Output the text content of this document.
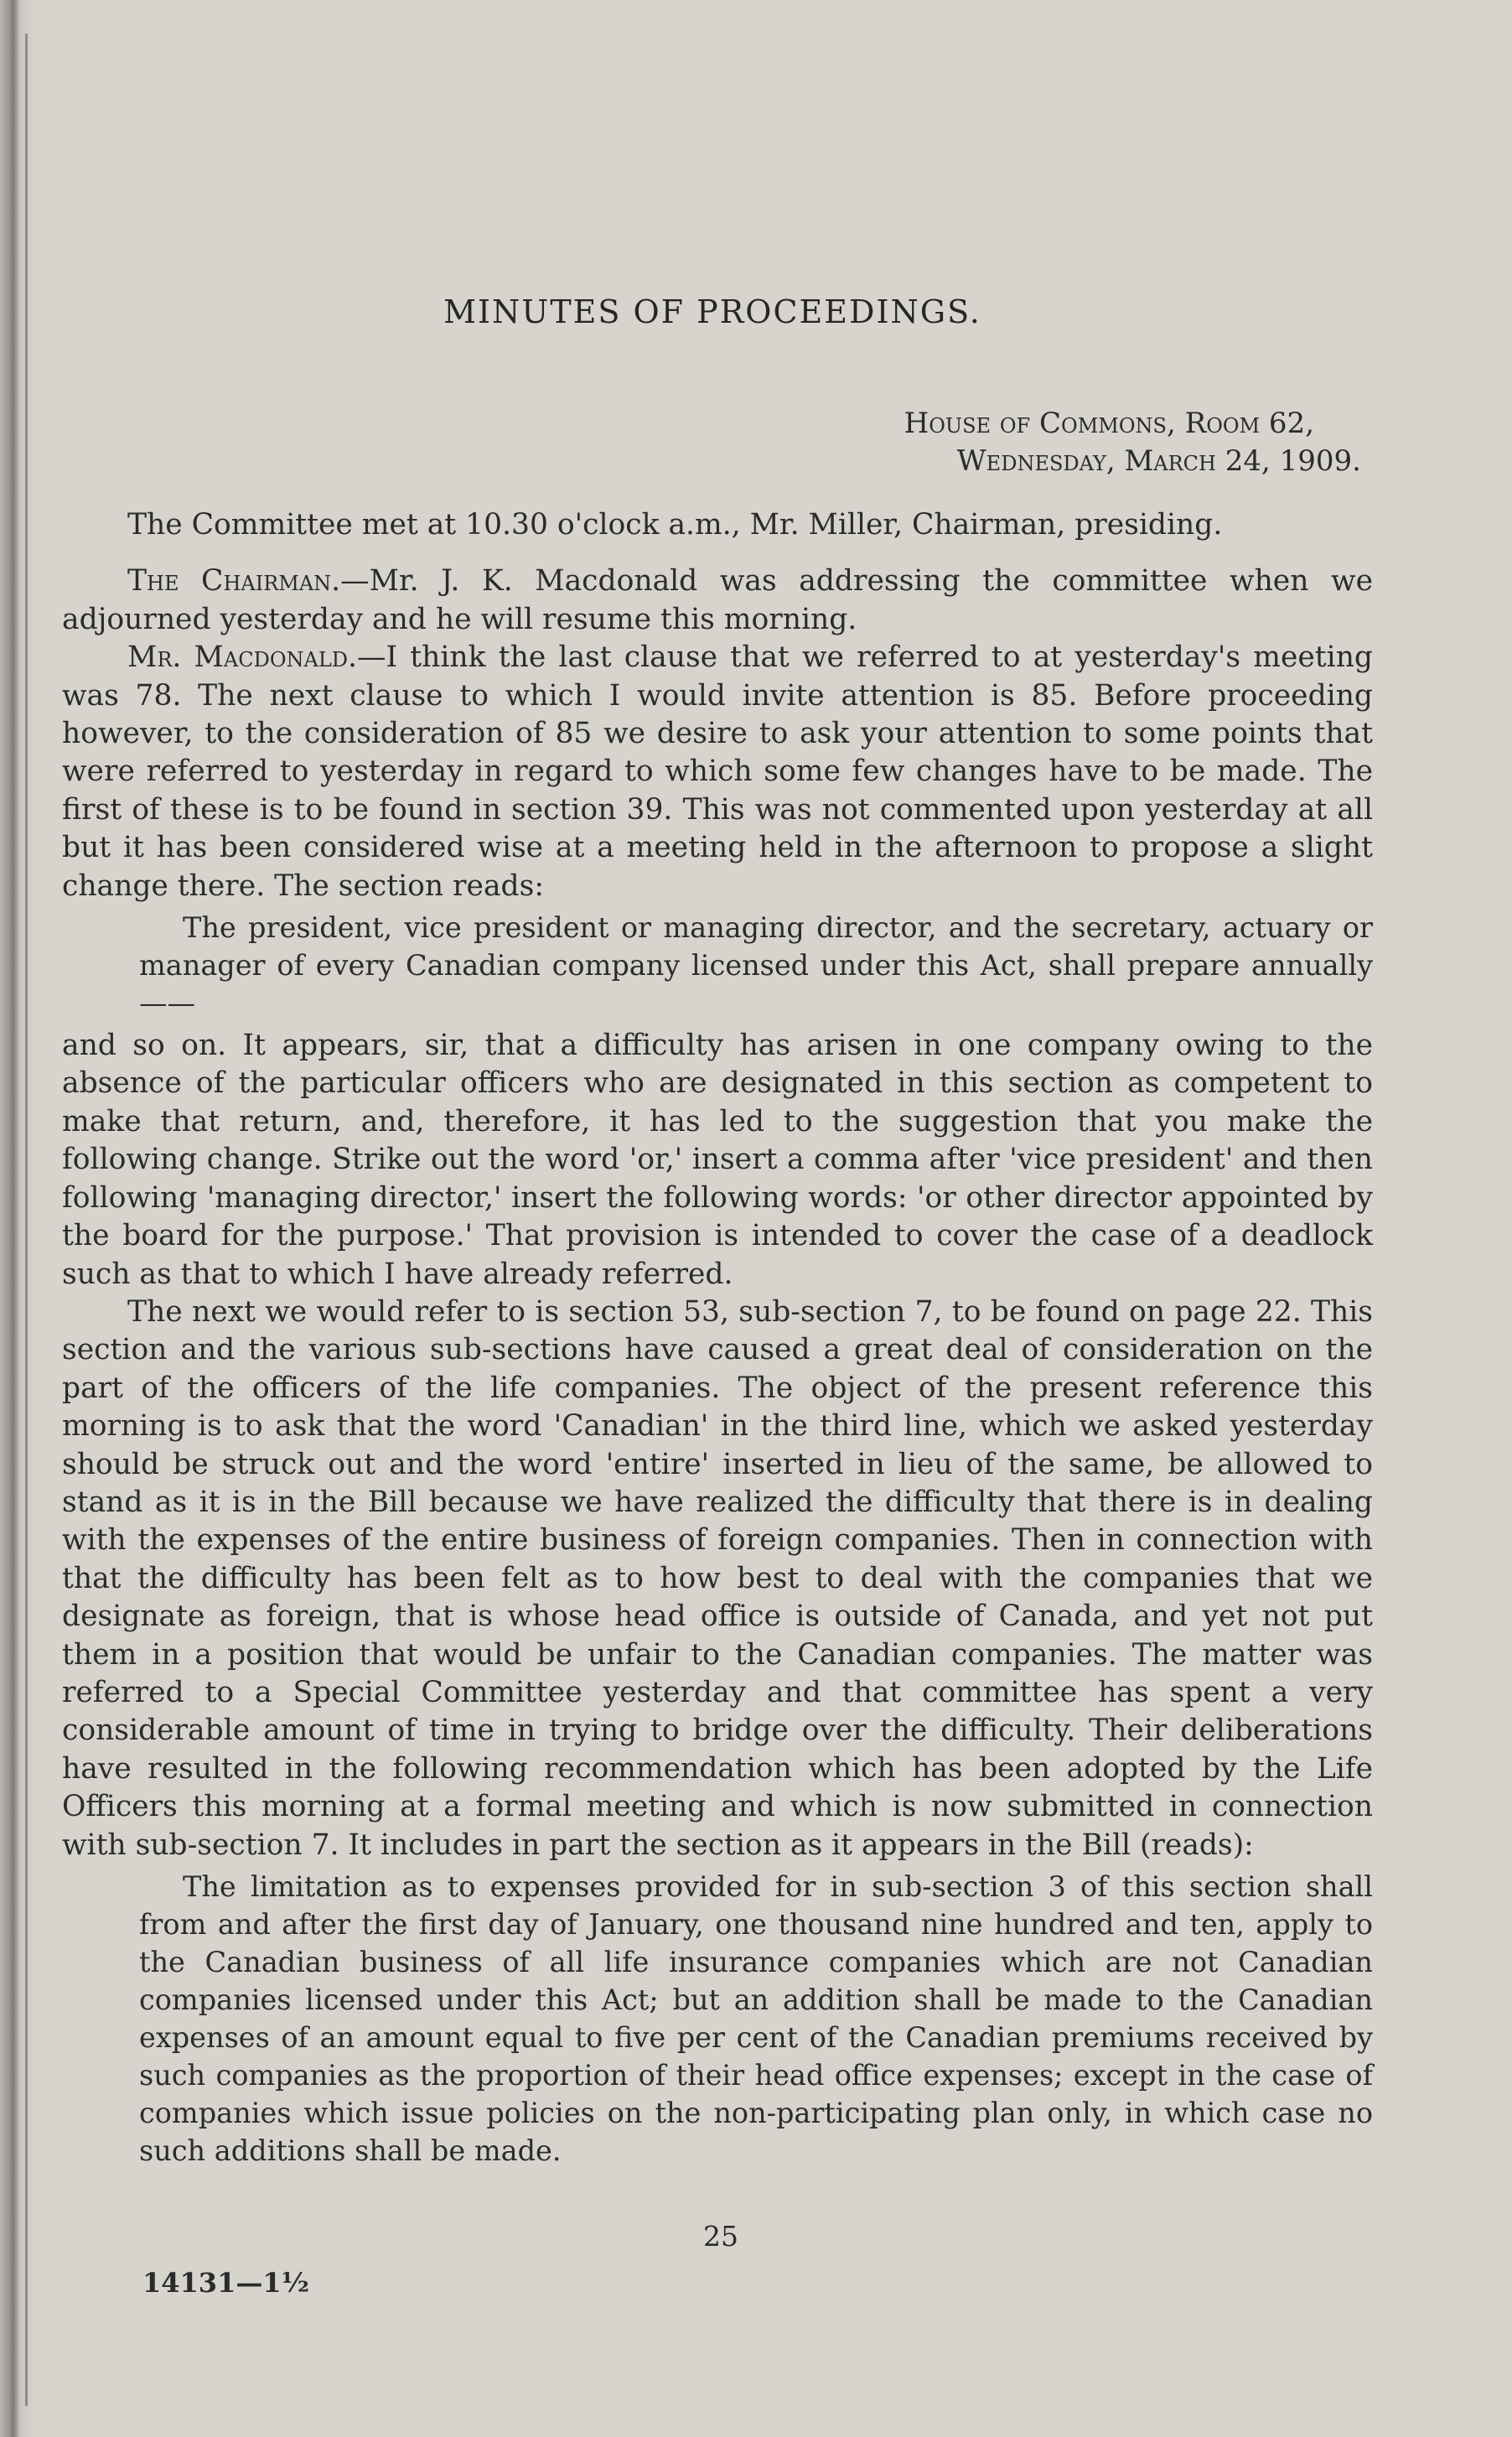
MINUTES OF PROCEEDINGS.
House of Commons, Room 62,
Wednesday, March 24, 1909.

The Committee met at 10.30 o'clock a.m., Mr. Miller, Chairman, presiding.

The Chairman.—Mr. J. K. Macdonald was addressing the committee when we adjourned yesterday and he will resume this morning.

Mr. Macdonald.—I think the last clause that we referred to at yesterday's meeting was 78. The next clause to which I would invite attention is 85. Before proceeding however, to the consideration of 85 we desire to ask your attention to some points that were referred to yesterday in regard to which some few changes have to be made. The first of these is to be found in section 39. This was not commented upon yesterday at all but it has been considered wise at a meeting held in the afternoon to propose a slight change there. The section reads:

The president, vice president or managing director, and the secretary, actuary or manager of every Canadian company licensed under this Act, shall prepare annually——

and so on. It appears, sir, that a difficulty has arisen in one company owing to the absence of the particular officers who are designated in this section as competent to make that return, and, therefore, it has led to the suggestion that you make the following change. Strike out the word 'or,' insert a comma after 'vice president' and then following 'managing director,' insert the following words: 'or other director appointed by the board for the purpose.' That provision is intended to cover the case of a deadlock such as that to which I have already referred.

The next we would refer to is section 53, sub-section 7, to be found on page 22. This section and the various sub-sections have caused a great deal of consideration on the part of the officers of the life companies. The object of the present reference this morning is to ask that the word 'Canadian' in the third line, which we asked yesterday should be struck out and the word 'entire' inserted in lieu of the same, be allowed to stand as it is in the Bill because we have realized the difficulty that there is in dealing with the expenses of the entire business of foreign companies. Then in connection with that the difficulty has been felt as to how best to deal with the companies that we designate as foreign, that is whose head office is outside of Canada, and yet not put them in a position that would be unfair to the Canadian companies. The matter was referred to a Special Committee yesterday and that committee has spent a very considerable amount of time in trying to bridge over the difficulty. Their deliberations have resulted in the following recommendation which has been adopted by the Life Officers this morning at a formal meeting and which is now submitted in connection with sub-section 7. It includes in part the section as it appears in the Bill (reads):

The limitation as to expenses provided for in sub-section 3 of this section shall from and after the first day of January, one thousand nine hundred and ten, apply to the Canadian business of all life insurance companies which are not Canadian companies licensed under this Act; but an addition shall be made to the Canadian expenses of an amount equal to five per cent of the Canadian premiums received by such companies as the proportion of their head office expenses; except in the case of companies which issue policies on the non-participating plan only, in which case no such additions shall be made.

25
14131—1½
